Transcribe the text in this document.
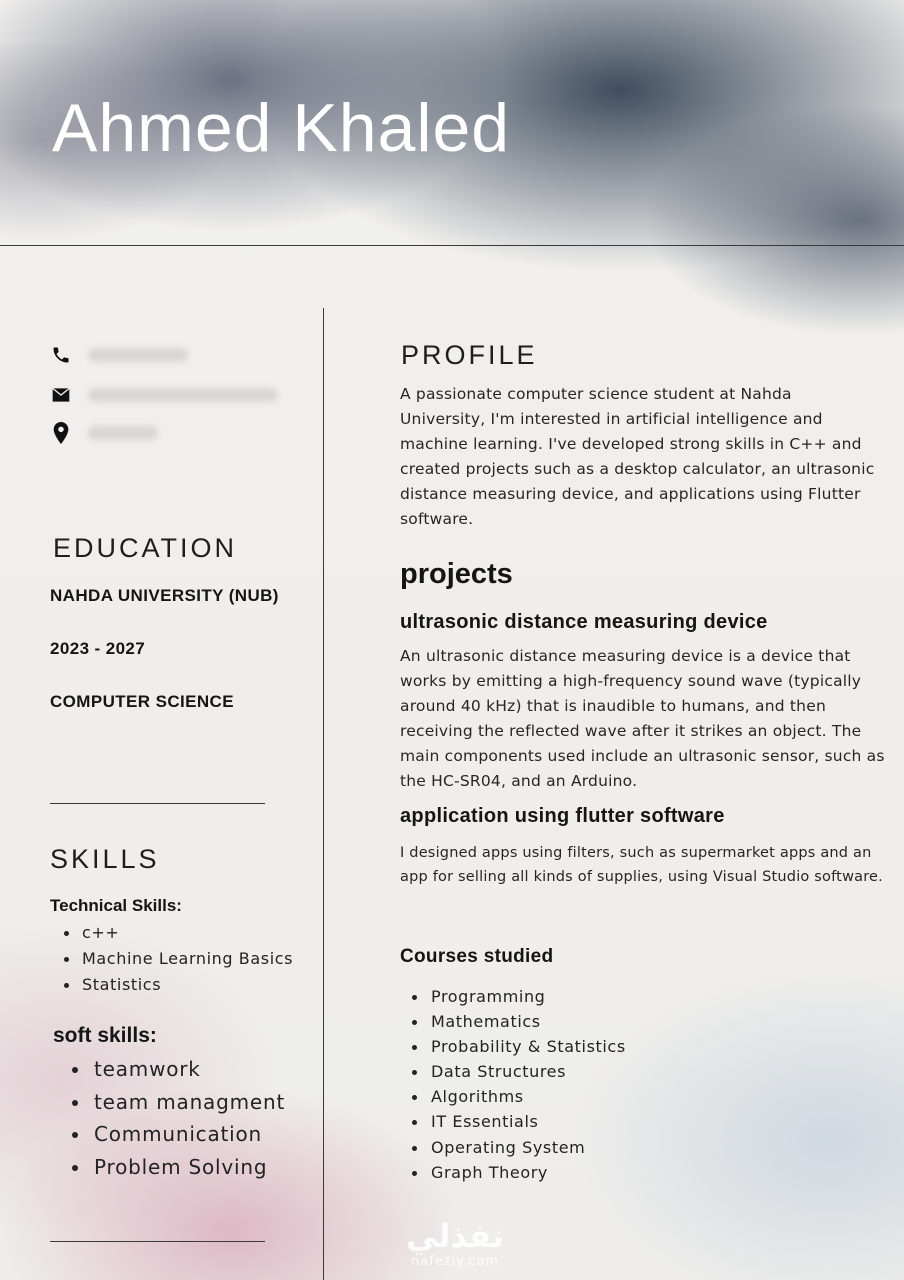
Ahmed Khaled
EDUCATION
NAHDA UNIVERSITY (NUB)
2023 - 2027
COMPUTER SCIENCE
SKILLS
Technical Skills:
c++
Machine Learning Basics
Statistics
soft skills:
teamwork
team managment
Communication
Problem Solving
PROFILE
A passionate computer science student at Nahda University, I'm interested in artificial intelligence and machine learning. I've developed strong skills in C++ and created projects such as a desktop calculator, an ultrasonic distance measuring device, and applications using Flutter software.
projects
ultrasonic distance measuring device
An ultrasonic distance measuring device is a device that works by emitting a high-frequency sound wave (typically around 40 kHz) that is inaudible to humans, and then receiving the reflected wave after it strikes an object. The main components used include an ultrasonic sensor, such as the HC-SR04, and an Arduino.
application using flutter software
I designed apps using filters, such as supermarket apps and an app for selling all kinds of supplies, using Visual Studio software.
Courses studied
Programming
Mathematics
Probability & Statistics
Data Structures
Algorithms
IT Essentials
Operating System
Graph Theory
نفذلي
nafezly.com
